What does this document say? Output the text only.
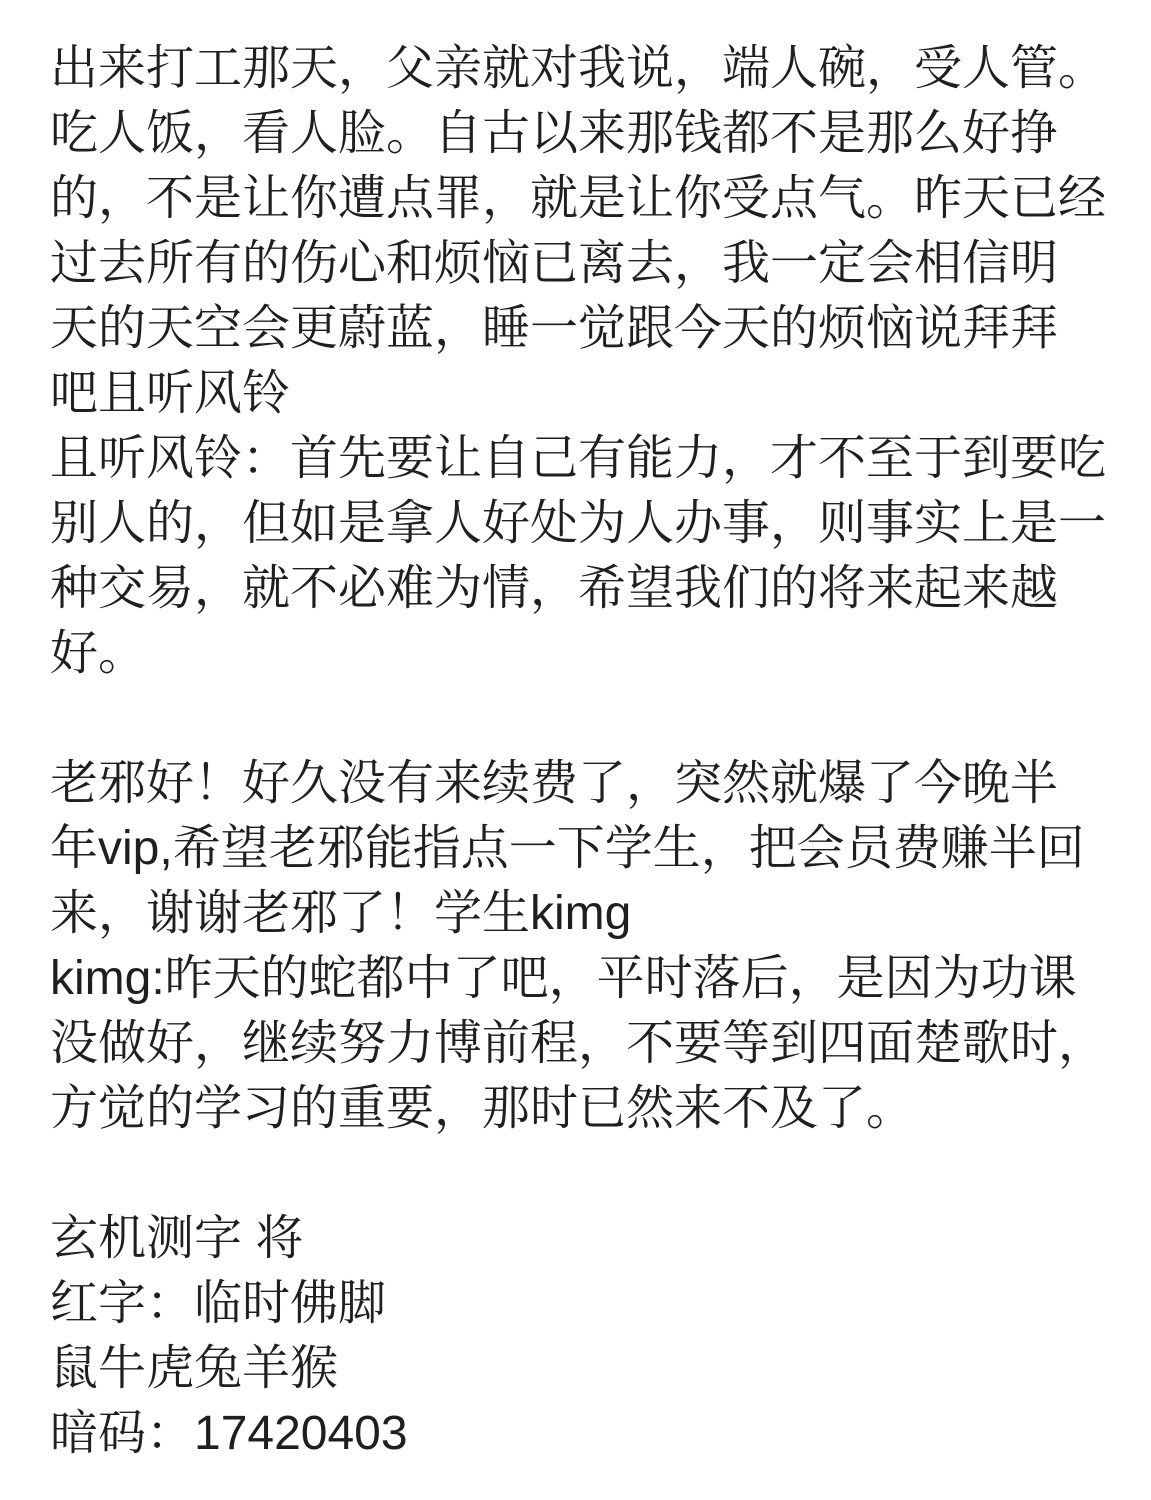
出来打工那天，父亲就对我说，端人碗，受人管。
吃人饭，看人脸。自古以来那钱都不是那么好挣
的，不是让你遭点罪，就是让你受点气。昨天已经
过去所有的伤心和烦恼已离去，我一定会相信明
天的天空会更蔚蓝，睡一觉跟今天的烦恼说拜拜
吧且听风铃
且听风铃：首先要让自己有能力，才不至于到要吃
别人的，但如是拿人好处为人办事，则事实上是一
种交易，就不必难为情，希望我们的将来起来越
好。
老邪好！好久没有来续费了，突然就爆了今晚半
年vip,希望老邪能指点一下学生，把会员费赚半回
来，谢谢老邪了！学生kimg
kimg:昨天的蛇都中了吧，平时落后，是因为功课
没做好，继续努力博前程，不要等到四面楚歌时，
方觉的学习的重要，那时已然来不及了。
玄机测字 将
红字：临时佛脚
鼠牛虎兔羊猴
暗码：17420403
